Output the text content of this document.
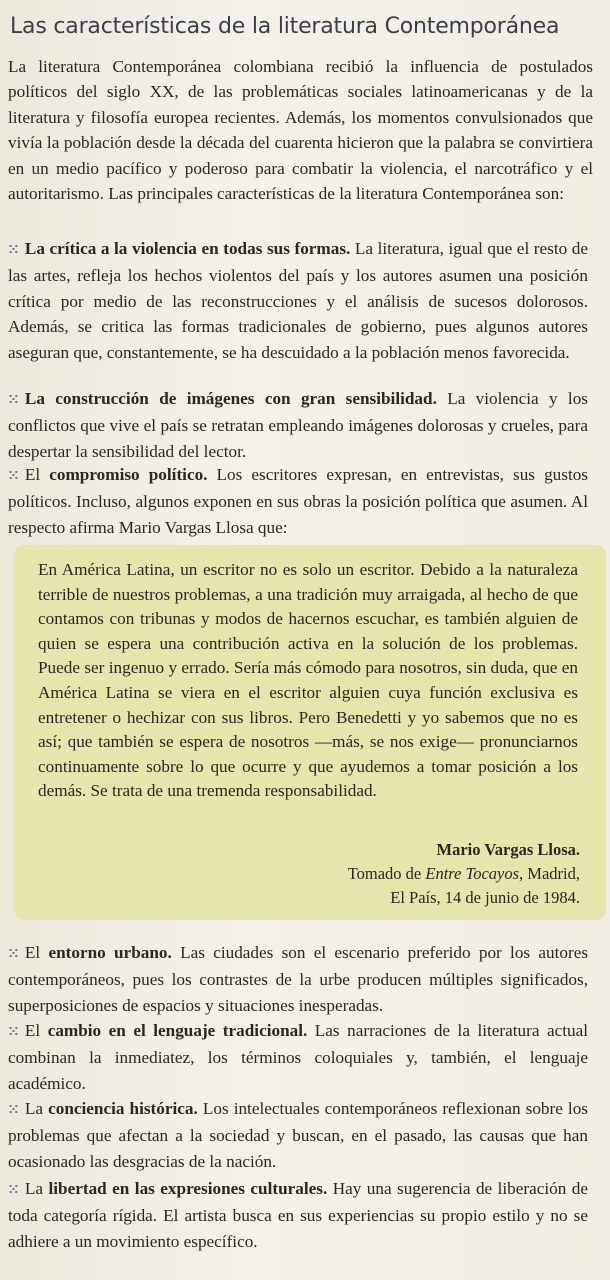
Las características de la literatura Contemporánea

La literatura Contemporánea colombiana recibió la influencia de postulados políticos del siglo XX, de las problemáticas sociales latinoamericanas y de la literatura y filosofía europea recientes. Además, los momentos convulsionados que vivía la población desde la década del cuarenta hicieron que la palabra se convirtiera en un medio pacífico y poderoso para combatir la violencia, el narcotráfico y el autoritarismo. Las principales características de la literatura Contemporánea son:

⁙ La crítica a la violencia en todas sus formas. La literatura, igual que el resto de las artes, refleja los hechos violentos del país y los autores asumen una posición crítica por medio de las reconstrucciones y el análisis de sucesos dolorosos. Además, se critica las formas tradicionales de gobierno, pues algunos autores aseguran que, constantemente, se ha descuidado a la población menos favorecida.

⁙ La construcción de imágenes con gran sensibilidad. La violencia y los conflictos que vive el país se retratan empleando imágenes dolorosas y crueles, para despertar la sensibilidad del lector.

⁙ El compromiso político. Los escritores expresan, en entrevistas, sus gustos políticos. Incluso, algunos exponen en sus obras la posición política que asumen. Al respecto afirma Mario Vargas Llosa que:

En América Latina, un escritor no es solo un escritor. Debido a la naturaleza terrible de nuestros problemas, a una tradición muy arraigada, al hecho de que contamos con tribunas y modos de hacernos escuchar, es también alguien de quien se espera una contribución activa en la solución de los problemas. Puede ser ingenuo y errado. Sería más cómodo para nosotros, sin duda, que en América Latina se viera en el escritor alguien cuya función exclusiva es entretener o hechizar con sus libros. Pero Benedetti y yo sabemos que no es así; que también se espera de nosotros —más, se nos exige— pronunciarnos continuamente sobre lo que ocurre y que ayudemos a tomar posición a los demás. Se trata de una tremenda responsabilidad.

Mario Vargas Llosa.
Tomado de Entre Tocayos, Madrid,
El País, 14 de junio de 1984.

⁙ El entorno urbano. Las ciudades son el escenario preferido por los autores contemporáneos, pues los contrastes de la urbe producen múltiples significados, superposiciones de espacios y situaciones inesperadas.

⁙ El cambio en el lenguaje tradicional. Las narraciones de la literatura actual combinan la inmediatez, los términos coloquiales y, también, el lenguaje académico.

⁙ La conciencia histórica. Los intelectuales contemporáneos reflexionan sobre los problemas que afectan a la sociedad y buscan, en el pasado, las causas que han ocasionado las desgracias de la nación.

⁙ La libertad en las expresiones culturales. Hay una sugerencia de liberación de toda categoría rígida. El artista busca en sus experiencias su propio estilo y no se adhiere a un movimiento específico.
